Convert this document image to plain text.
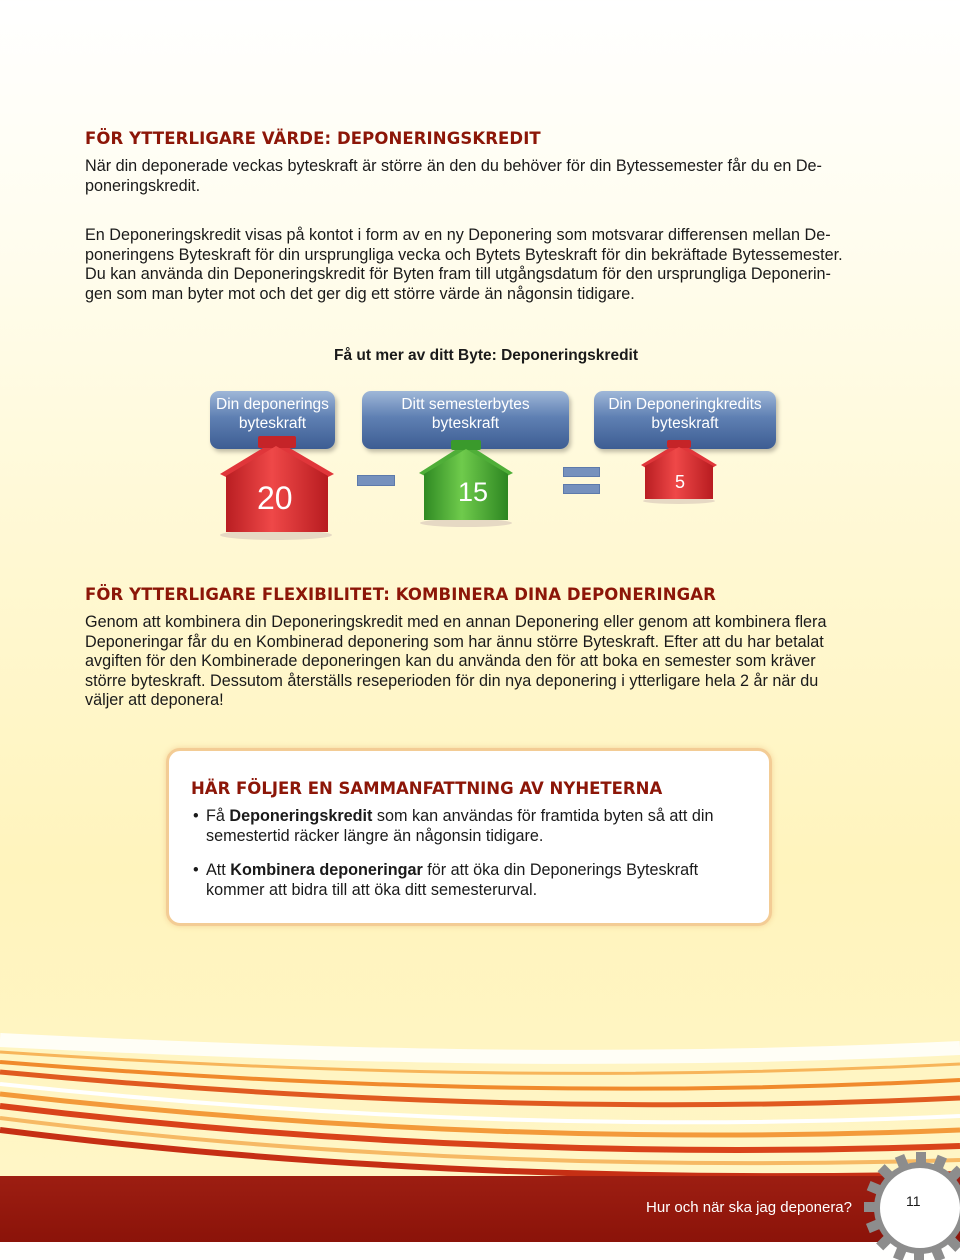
FÖR YTTERLIGARE VÄRDE: DEPONERINGSKREDIT

När din deponerade veckas byteskraft är större än den du behöver för din Bytessemester får du en De-
poneringskredit.

En Deponeringskredit visas på kontot i form av en ny Deponering som motsvarar differensen mellan De-
poneringens Byteskraft för din ursprungliga vecka och Bytets Byteskraft för din bekräftade Bytessemester.
Du kan använda din Deponeringskredit för Byten fram till utgångsdatum för den ursprungliga Deponerin-
gen som man byter mot och det ger dig ett större värde än någonsin tidigare.

Få ut mer av ditt Byte: Deponeringskredit
Din deponerings
byteskraft
Ditt semesterbytes
byteskraft
Din Deponeringkredits
byteskraft
20	15	5
FÖR YTTERLIGARE FLEXIBILITET: KOMBINERA DINA DEPONERINGAR

Genom att kombinera din Deponeringskredit med en annan Deponering eller genom att kombinera flera
Deponeringar får du en Kombinerad deponering som har ännu större Byteskraft. Efter att du har betalat
avgiften för den Kombinerade deponeringen kan du använda den för att boka en semester som kräver
större byteskraft. Dessutom återställs reseperioden för din nya deponering i ytterligare hela 2 år när du
väljer att deponera!

HÄR FÖLJER EN SAMMANFATTNING AV NYHETERNA
• Få Deponeringskredit som kan användas för framtida byten så att din
semestertid räcker längre än någonsin tidigare.
• Att Kombinera deponeringar för att öka din Deponerings Byteskraft
kommer att bidra till att öka ditt semesterurval.
Hur och när ska jag deponera?	11
